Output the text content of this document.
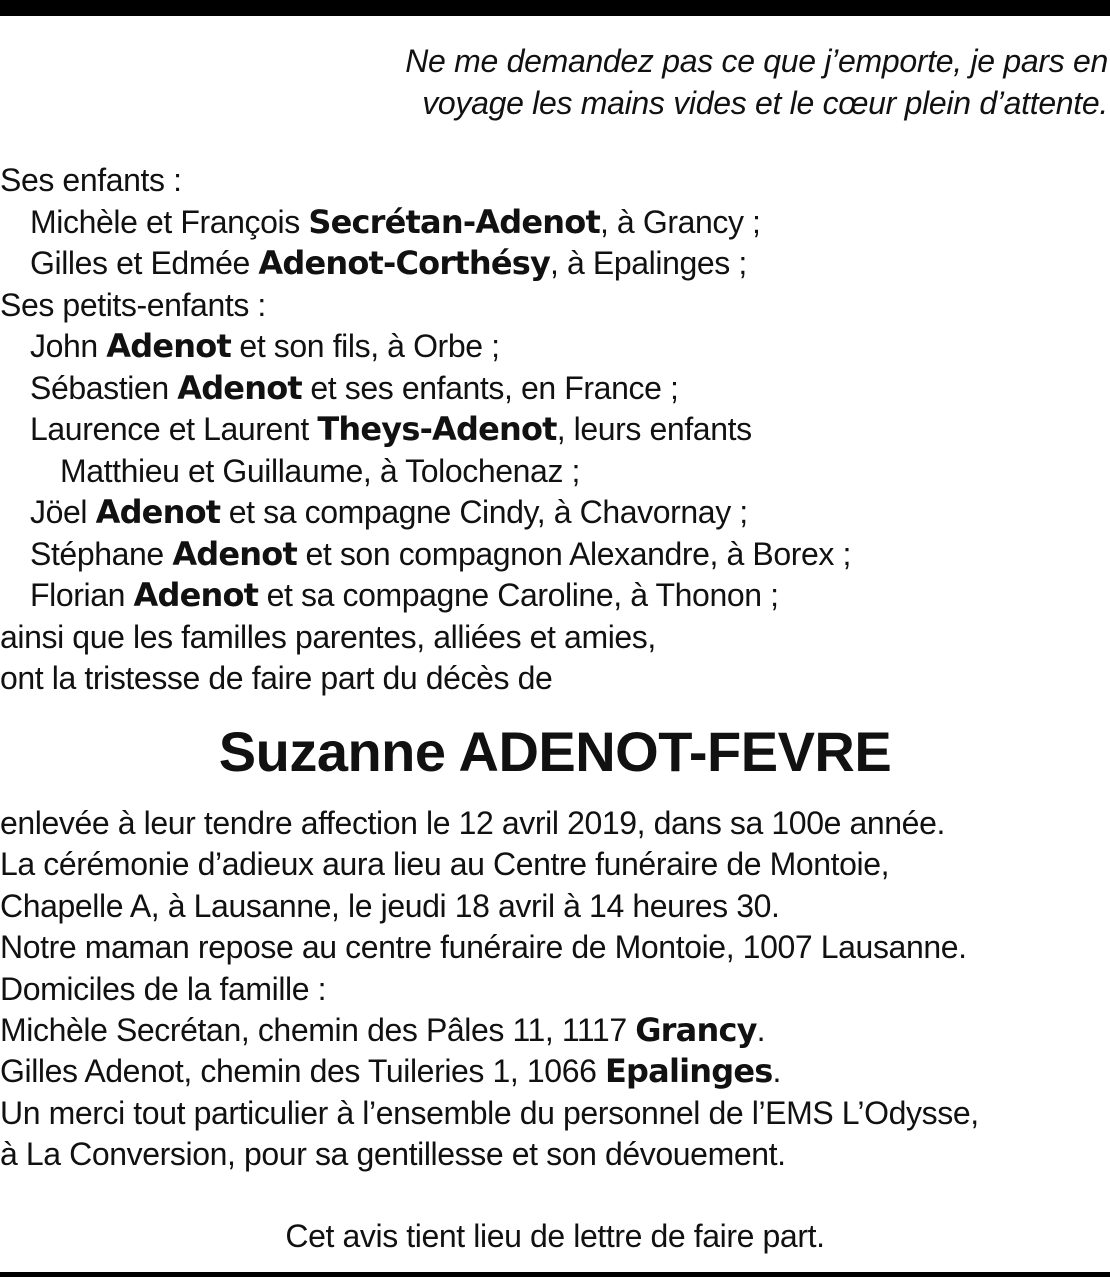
Ne me demandez pas ce que j’emporte, je pars en
voyage les mains vides et le cœur plein d’attente.
Ses enfants :
Michèle et François Secrétan-Adenot, à Grancy ;
Gilles et Edmée Adenot-Corthésy, à Epalinges ;
Ses petits-enfants :
John Adenot et son fils, à Orbe ;
Sébastien Adenot et ses enfants, en France ;
Laurence et Laurent Theys-Adenot, leurs enfants
Matthieu et Guillaume, à Tolochenaz ;
Jöel Adenot et sa compagne Cindy, à Chavornay ;
Stéphane Adenot et son compagnon Alexandre, à Borex ;
Florian Adenot et sa compagne Caroline, à Thonon ;
ainsi que les familles parentes, alliées et amies,
ont la tristesse de faire part du décès de
Suzanne ADENOT-FEVRE
enlevée à leur tendre affection le 12 avril 2019, dans sa 100e année.
La cérémonie d’adieux aura lieu au Centre funéraire de Montoie,
Chapelle A, à Lausanne, le jeudi 18 avril à 14 heures 30.
Notre maman repose au centre funéraire de Montoie, 1007 Lausanne.
Domiciles de la famille :
Michèle Secrétan, chemin des Pâles 11, 1117 Grancy.
Gilles Adenot, chemin des Tuileries 1, 1066 Epalinges.
Un merci tout particulier à l’ensemble du personnel de l’EMS L’Odysse,
à La Conversion, pour sa gentillesse et son dévouement.
Cet avis tient lieu de lettre de faire part.
